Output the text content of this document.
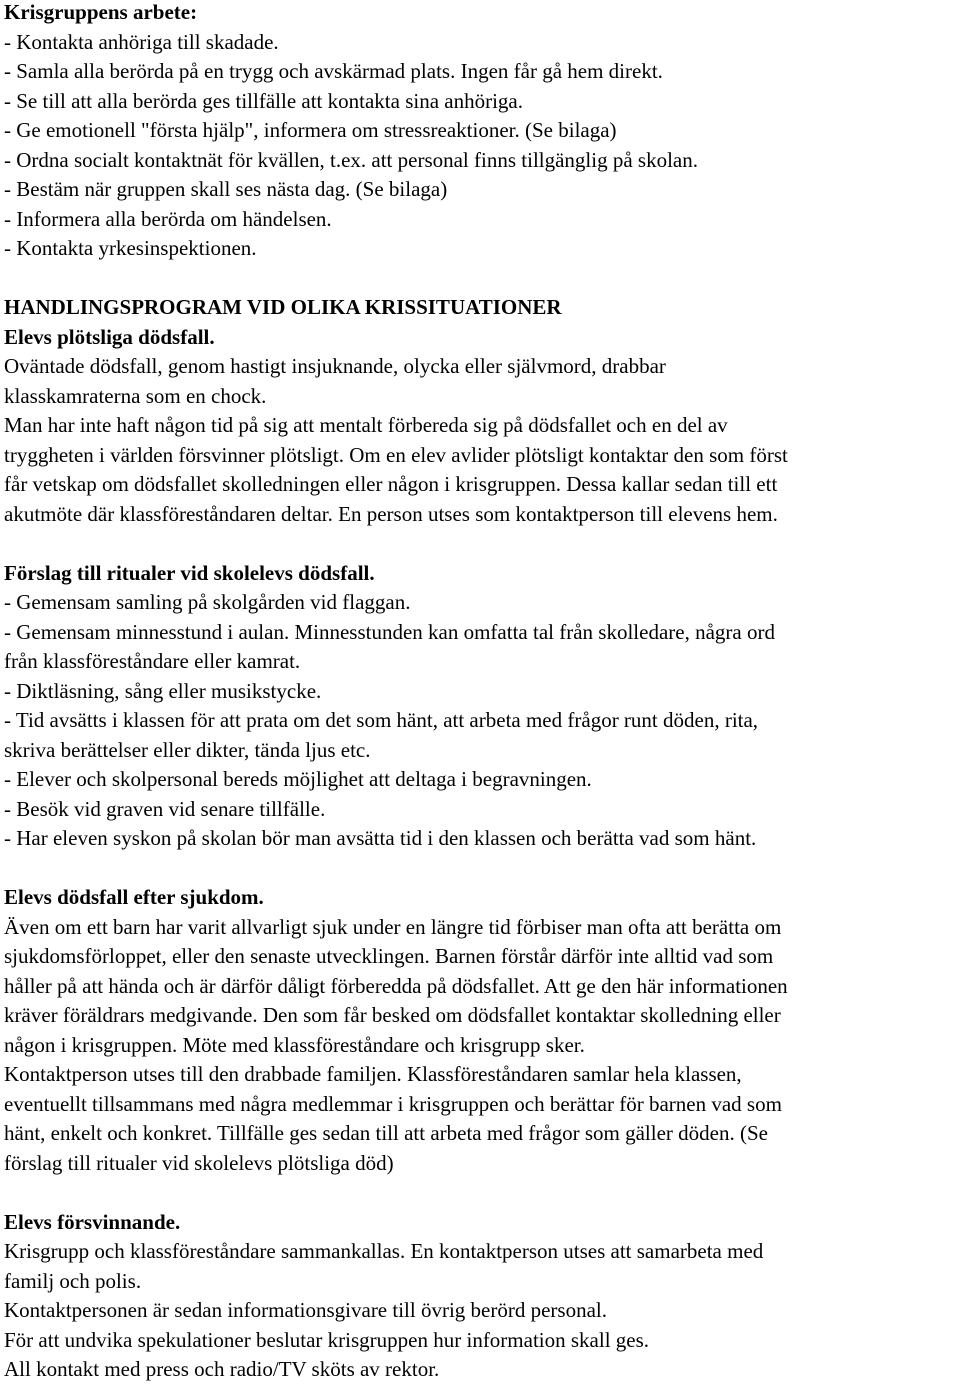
Krisgruppens arbete:
- Kontakta anhöriga till skadade.
- Samla alla berörda på en trygg och avskärmad plats. Ingen får gå hem direkt.
- Se till att alla berörda ges tillfälle att kontakta sina anhöriga.
- Ge emotionell "första hjälp", informera om stressreaktioner. (Se bilaga)
- Ordna socialt kontaktnät för kvällen, t.ex. att personal finns tillgänglig på skolan.
- Bestäm när gruppen skall ses nästa dag. (Se bilaga)
- Informera alla berörda om händelsen.
- Kontakta yrkesinspektionen.
HANDLINGSPROGRAM VID OLIKA KRISSITUATIONER
Elevs plötsliga dödsfall.
Oväntade dödsfall, genom hastigt insjuknande, olycka eller självmord, drabbar
klasskamraterna som en chock.
Man har inte haft någon tid på sig att mentalt förbereda sig på dödsfallet och en del av
tryggheten i världen försvinner plötsligt. Om en elev avlider plötsligt kontaktar den som först
får vetskap om dödsfallet skolledningen eller någon i krisgruppen. Dessa kallar sedan till ett
akutmöte där klassföreståndaren deltar. En person utses som kontaktperson till elevens hem.
Förslag till ritualer vid skolelevs dödsfall.
- Gemensam samling på skolgården vid flaggan.
- Gemensam minnesstund i aulan. Minnesstunden kan omfatta tal från skolledare, några ord
från klassföreståndare eller kamrat.
- Diktläsning, sång eller musikstycke.
- Tid avsätts i klassen för att prata om det som hänt, att arbeta med frågor runt döden, rita,
skriva berättelser eller dikter, tända ljus etc.
- Elever och skolpersonal bereds möjlighet att deltaga i begravningen.
- Besök vid graven vid senare tillfälle.
- Har eleven syskon på skolan bör man avsätta tid i den klassen och berätta vad som hänt.
Elevs dödsfall efter sjukdom.
Även om ett barn har varit allvarligt sjuk under en längre tid förbiser man ofta att berätta om
sjukdomsförloppet, eller den senaste utvecklingen. Barnen förstår därför inte alltid vad som
håller på att hända och är därför dåligt förberedda på dödsfallet. Att ge den här informationen
kräver föräldrars medgivande. Den som får besked om dödsfallet kontaktar skolledning eller
någon i krisgruppen. Möte med klassföreståndare och krisgrupp sker.
Kontaktperson utses till den drabbade familjen. Klassföreståndaren samlar hela klassen,
eventuellt tillsammans med några medlemmar i krisgruppen och berättar för barnen vad som
hänt, enkelt och konkret. Tillfälle ges sedan till att arbeta med frågor som gäller döden. (Se
förslag till ritualer vid skolelevs plötsliga död)
Elevs försvinnande.
Krisgrupp och klassföreståndare sammankallas. En kontaktperson utses att samarbeta med
familj och polis.
Kontaktpersonen är sedan informationsgivare till övrig berörd personal.
För att undvika spekulationer beslutar krisgruppen hur information skall ges.
All kontakt med press och radio/TV sköts av rektor.
